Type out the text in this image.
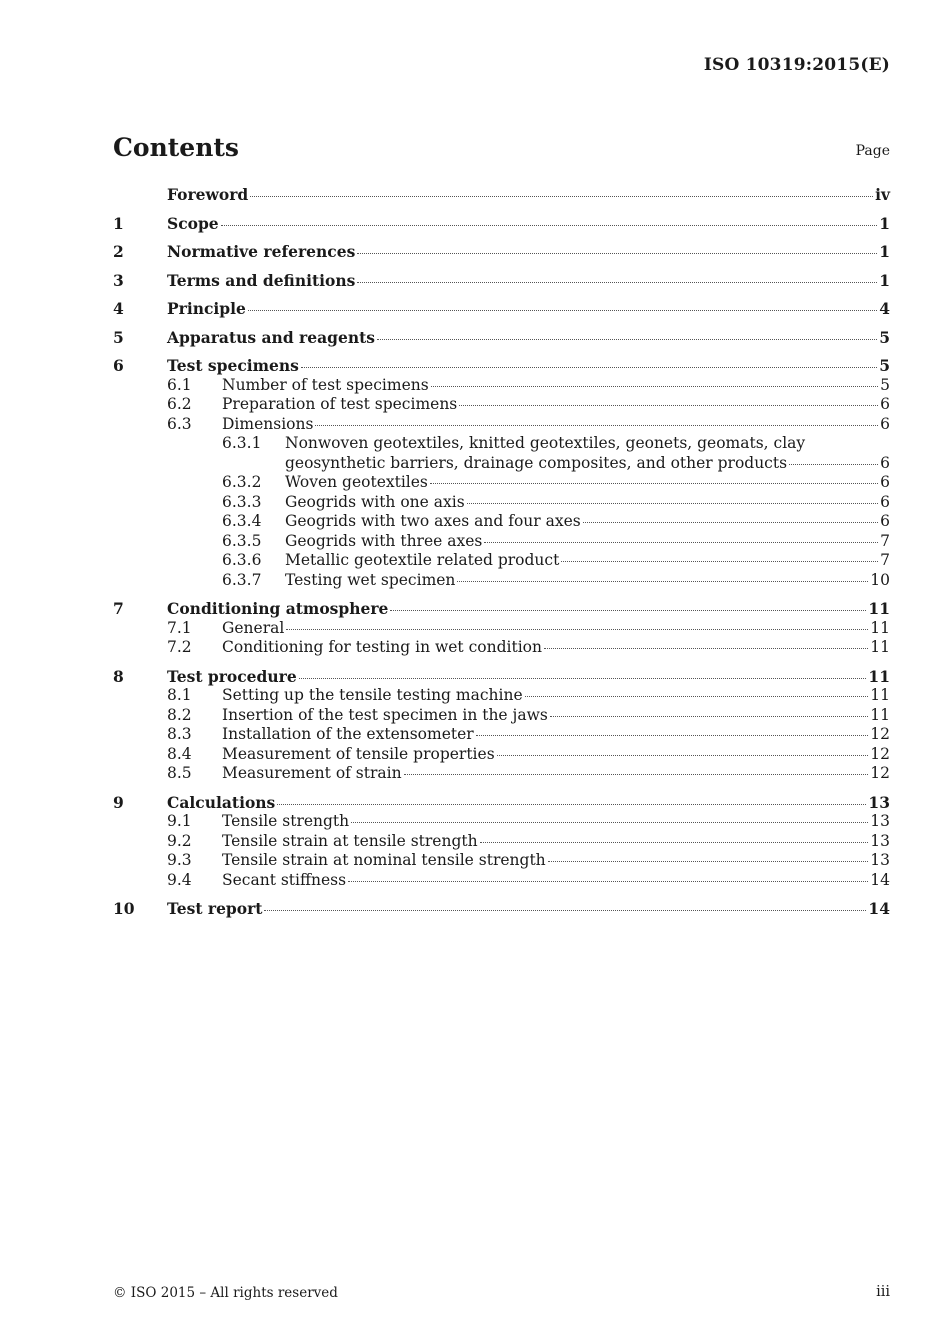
ISO 10319:2015(E)
Contents	Page
Foreword	iv
1	Scope	1
2	Normative references	1
3	Terms and definitions	1
4	Principle	4
5	Apparatus and reagents	5
6	Test specimens	5
6.1	Number of test specimens	5
6.2	Preparation of test specimens	6
6.3	Dimensions	6
6.3.1	Nonwoven geotextiles, knitted geotextiles, geonets, geomats, clay
geosynthetic barriers, drainage composites, and other products	6
6.3.2	Woven geotextiles	6
6.3.3	Geogrids with one axis	6
6.3.4	Geogrids with two axes and four axes	6
6.3.5	Geogrids with three axes	7
6.3.6	Metallic geotextile related product	7
6.3.7	Testing wet specimen	10
7	Conditioning atmosphere	11
7.1	General	11
7.2	Conditioning for testing in wet condition	11
8	Test procedure	11
8.1	Setting up the tensile testing machine	11
8.2	Insertion of the test specimen in the jaws	11
8.3	Installation of the extensometer	12
8.4	Measurement of tensile properties	12
8.5	Measurement of strain	12
9	Calculations	13
9.1	Tensile strength	13
9.2	Tensile strain at tensile strength	13
9.3	Tensile strain at nominal tensile strength	13
9.4	Secant stiffness	14
10	Test report	14
© ISO 2015 – All rights reserved	iii
